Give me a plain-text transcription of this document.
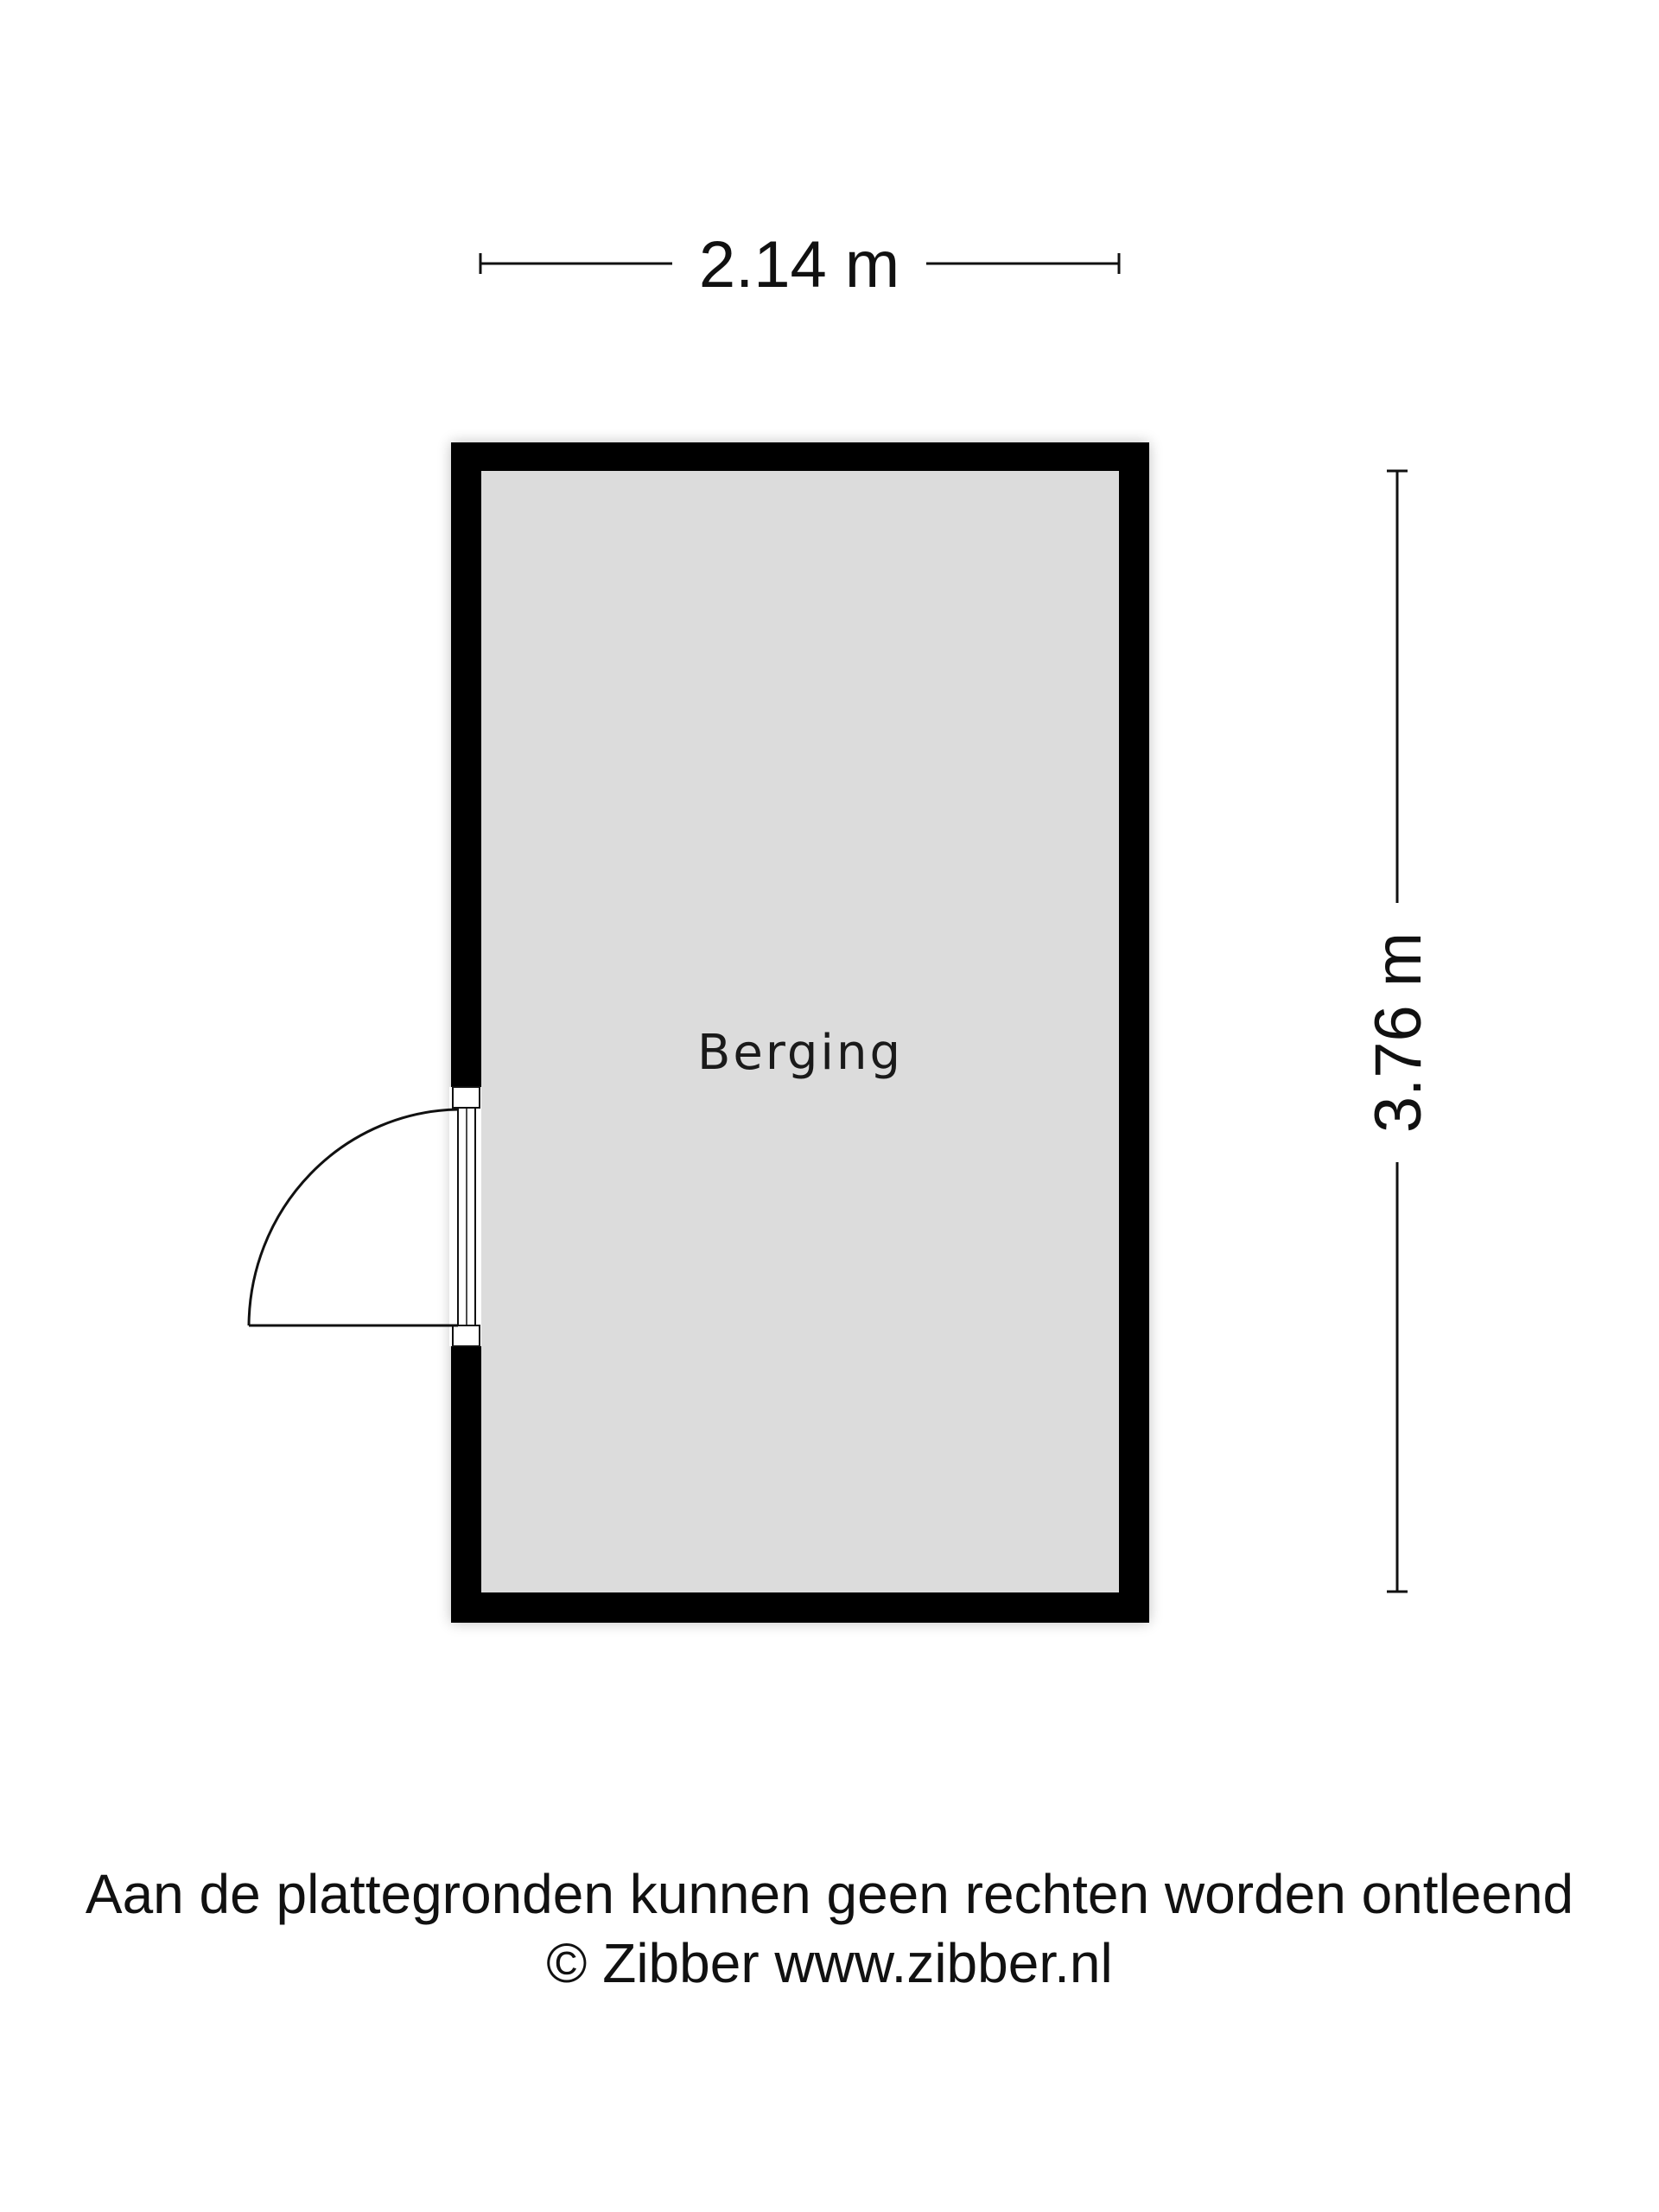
2.14 m
3.76 m
Berging
Aan de plattegronden kunnen geen rechten worden ontleend
© Zibber www.zibber.nl
